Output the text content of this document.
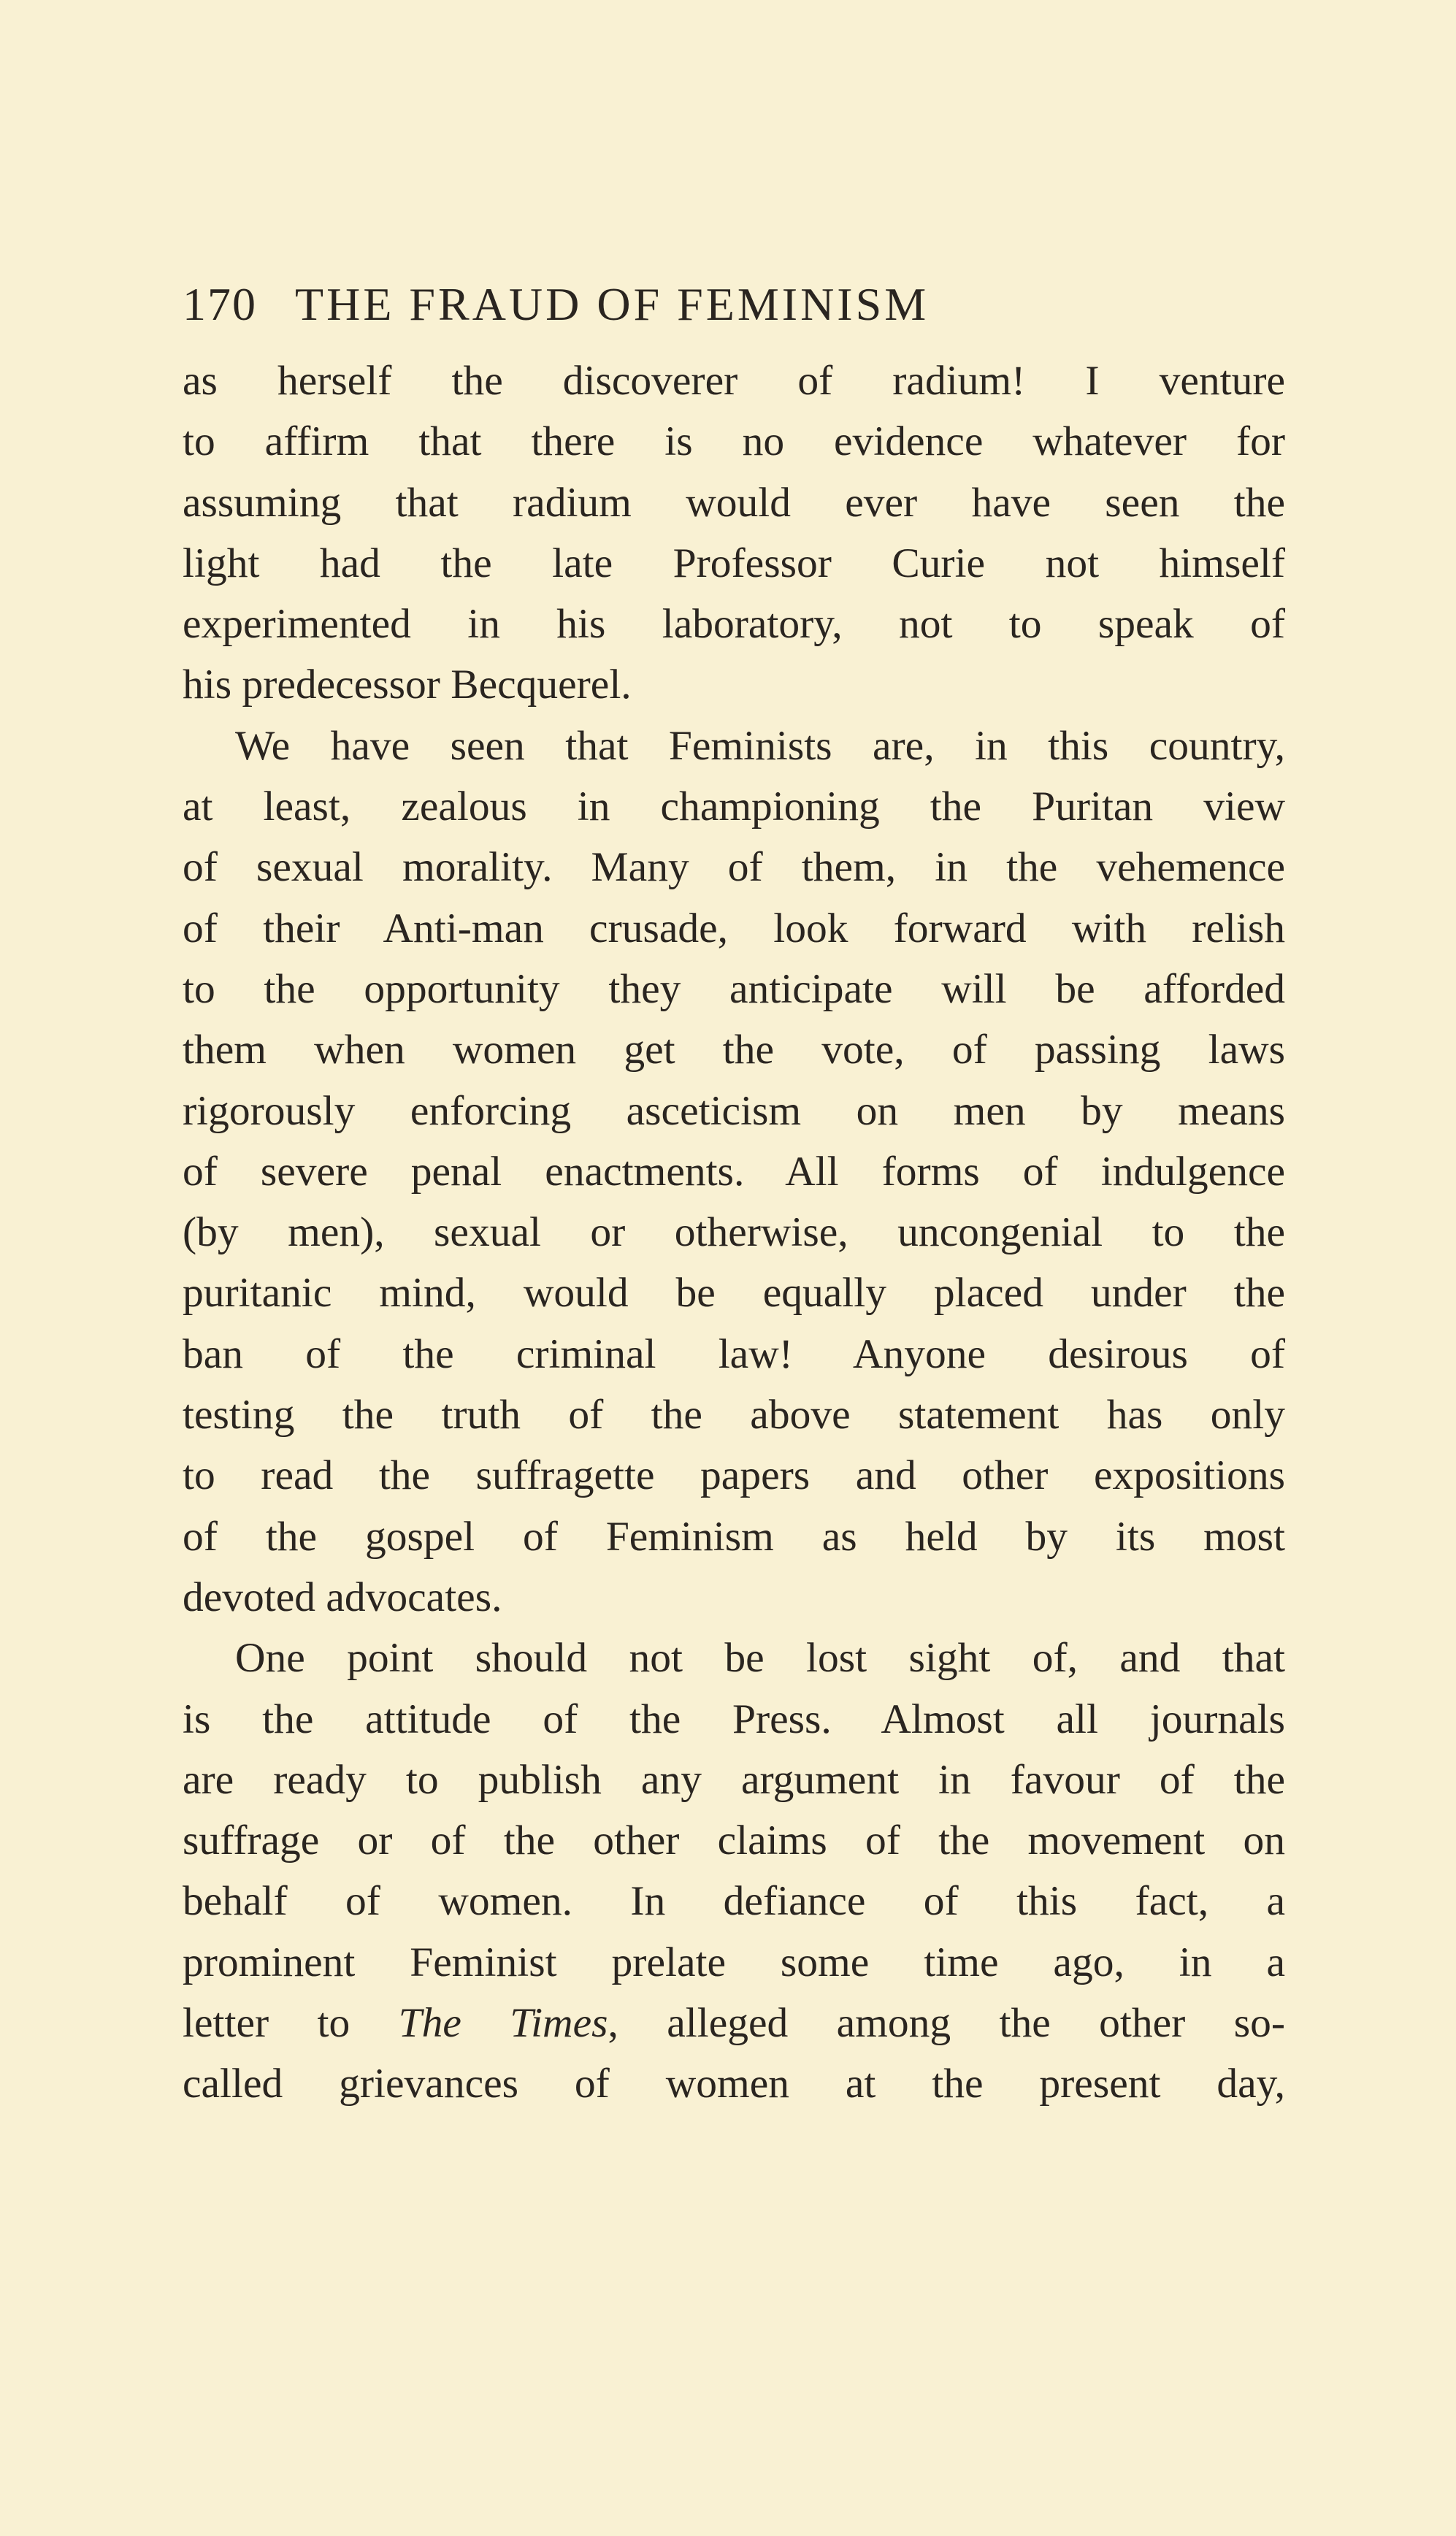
170 THE FRAUD OF FEMINISM

as herself the discoverer of radium! I venture
to affirm that there is no evidence whatever for
assuming that radium would ever have seen the
light had the late Professor Curie not himself
experimented in his laboratory, not to speak of
his predecessor Becquerel.

We have seen that Feminists are, in this country,
at least, zealous in championing the Puritan view
of sexual morality. Many of them, in the vehemence
of their Anti-man crusade, look forward with relish
to the opportunity they anticipate will be afforded
them when women get the vote, of passing laws
rigorously enforcing asceticism on men by means
of severe penal enactments. All forms of indulgence
(by men), sexual or otherwise, uncongenial to the
puritanic mind, would be equally placed under the
ban of the criminal law! Anyone desirous of
testing the truth of the above statement has only
to read the suffragette papers and other expositions
of the gospel of Feminism as held by its most
devoted advocates.

One point should not be lost sight of, and that
is the attitude of the Press. Almost all journals
are ready to publish any argument in favour of the
suffrage or of the other claims of the movement on
behalf of women. In defiance of this fact, a
prominent Feminist prelate some time ago, in a
letter to The Times, alleged among the other so-
called grievances of women at the present day,
